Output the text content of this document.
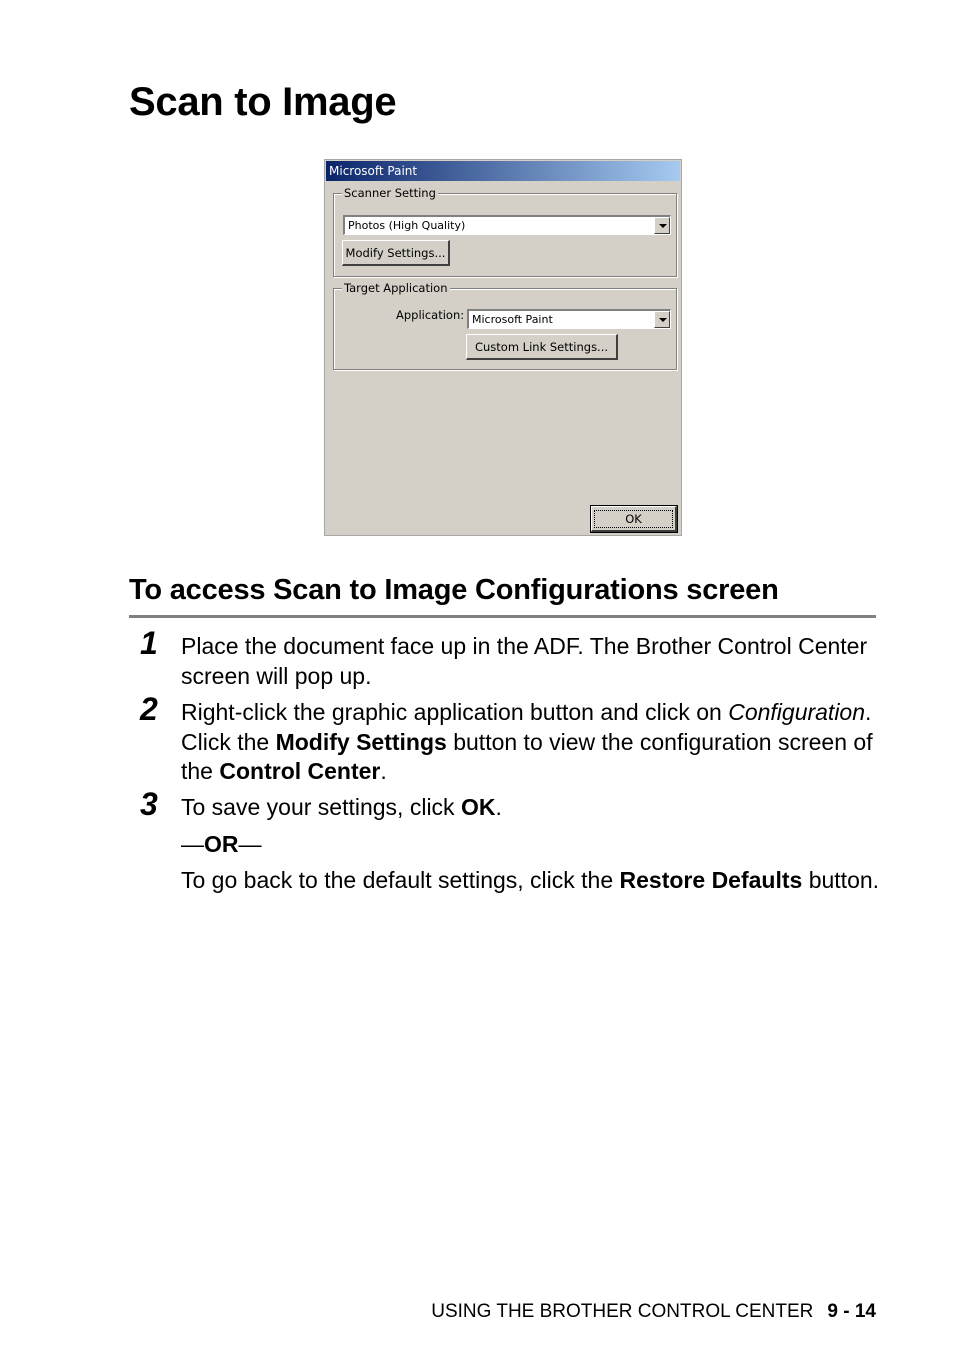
Scan to Image
Microsoft Paint
Scanner Setting
Photos (High Quality)
Modify Settings...
Target Application
Application: Microsoft Paint
Custom Link Settings...
OK
To access Scan to Image Configurations screen
1 Place the document face up in the ADF. The Brother Control Center screen will pop up.

2 Right-click the graphic application button and click on Configuration. Click the Modify Settings button to view the configuration screen of the Control Center.

3 To save your settings, click OK.

—OR—

To go back to the default settings, click the Restore Defaults button.

USING THE BROTHER CONTROL CENTER 9 - 14
